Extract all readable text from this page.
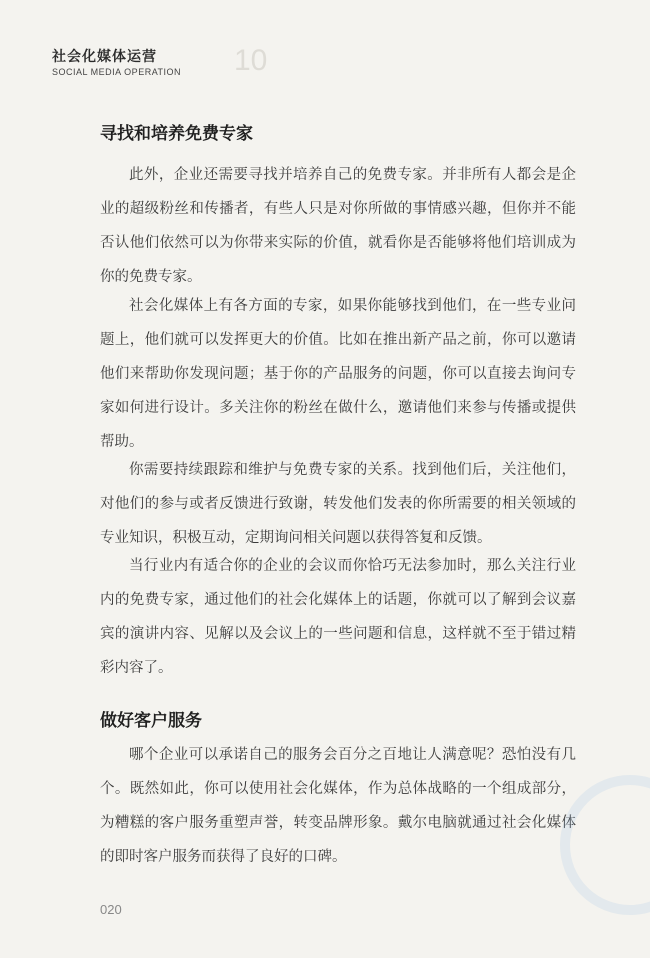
社会化媒体运营
SOCIAL MEDIA OPERATION 10
寻找和培养免费专家

此外，企业还需要寻找并培养自己的免费专家。并非所有人都会是企业的超级粉丝和传播者，有些人只是对你所做的事情感兴趣，但你并不能否认他们依然可以为你带来实际的价值，就看你是否能够将他们培训成为你的免费专家。

社会化媒体上有各方面的专家，如果你能够找到他们，在一些专业问题上，他们就可以发挥更大的价值。比如在推出新产品之前，你可以邀请他们来帮助你发现问题；基于你的产品服务的问题，你可以直接去询问专家如何进行设计。多关注你的粉丝在做什么，邀请他们来参与传播或提供帮助。

你需要持续跟踪和维护与免费专家的关系。找到他们后，关注他们，对他们的参与或者反馈进行致谢，转发他们发表的你所需要的相关领域的专业知识，积极互动，定期询问相关问题以获得答复和反馈。

当行业内有适合你的企业的会议而你恰巧无法参加时，那么关注行业内的免费专家，通过他们的社会化媒体上的话题，你就可以了解到会议嘉宾的演讲内容、见解以及会议上的一些问题和信息，这样就不至于错过精彩内容了。

做好客户服务

哪个企业可以承诺自己的服务会百分之百地让人满意呢？恐怕没有几个。既然如此，你可以使用社会化媒体，作为总体战略的一个组成部分，为糟糕的客户服务重塑声誉，转变品牌形象。戴尔电脑就通过社会化媒体的即时客户服务而获得了良好的口碑。

020
